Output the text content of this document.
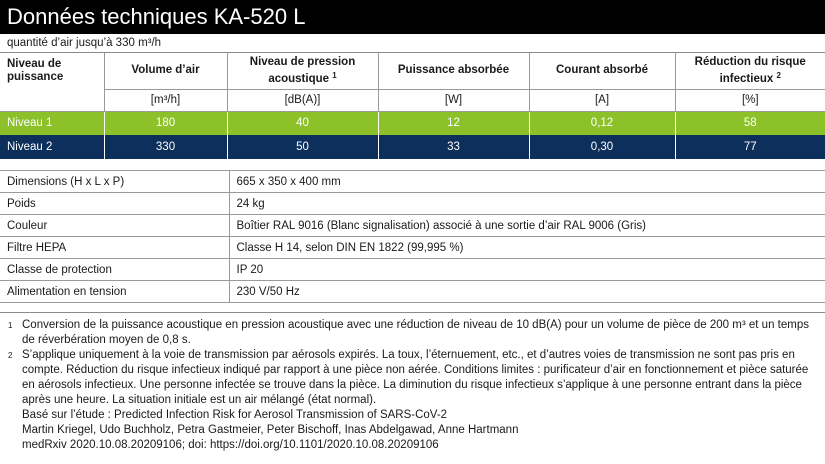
Données techniques KA-520 L
quantité d’air jusqu’à 330 m³/h
Niveau de puissance	Volume d’air	Niveau de pression acoustique $^1$	Puissance absorbée	Courant absorbé	Réduction du risque infectieux $^2$
	[m³/h]	[dB(A)]	[W]	[A]	[%]
Niveau 1	180	40	12	0,12	58
Niveau 2	330	50	33	0,30	77
Dimensions (H x L x P)	665 x 350 x 400 mm
Poids	24 kg
Couleur	Boîtier RAL 9016 (Blanc signalisation) associé à une sortie d’air RAL 9006 (Gris)
Filtre HEPA	Classe H 14, selon DIN EN 1822 (99,995 %)
Classe de protection	IP 20
Alimentation en tension	230 V/50 Hz
1 Conversion de la puissance acoustique en pression acoustique avec une réduction de niveau de 10 dB(A) pour un volume de pièce de 200 m³ et un temps de réverbération moyen de 0,8 s.
2 S’applique uniquement à la voie de transmission par aérosols expirés. La toux, l’éternuement, etc., et d’autres voies de transmission ne sont pas pris en compte. Réduction du risque infectieux indiqué par rapport à une pièce non aérée. Conditions limites : purificateur d’air en fonctionnement et pièce saturée en aérosols infectieux. Une personne infectée se trouve dans la pièce. La diminution du risque infectieux s’applique à une personne entrant dans la pièce après une heure. La situation initiale est un air mélangé (état normal).
Basé sur l’étude : Predicted Infection Risk for Aerosol Transmission of SARS-CoV-2
Martin Kriegel, Udo Buchholz, Petra Gastmeier, Peter Bischoff, Inas Abdelgawad, Anne Hartmann
medRxiv 2020.10.08.20209106; doi: https://doi.org/10.1101/2020.10.08.20209106
